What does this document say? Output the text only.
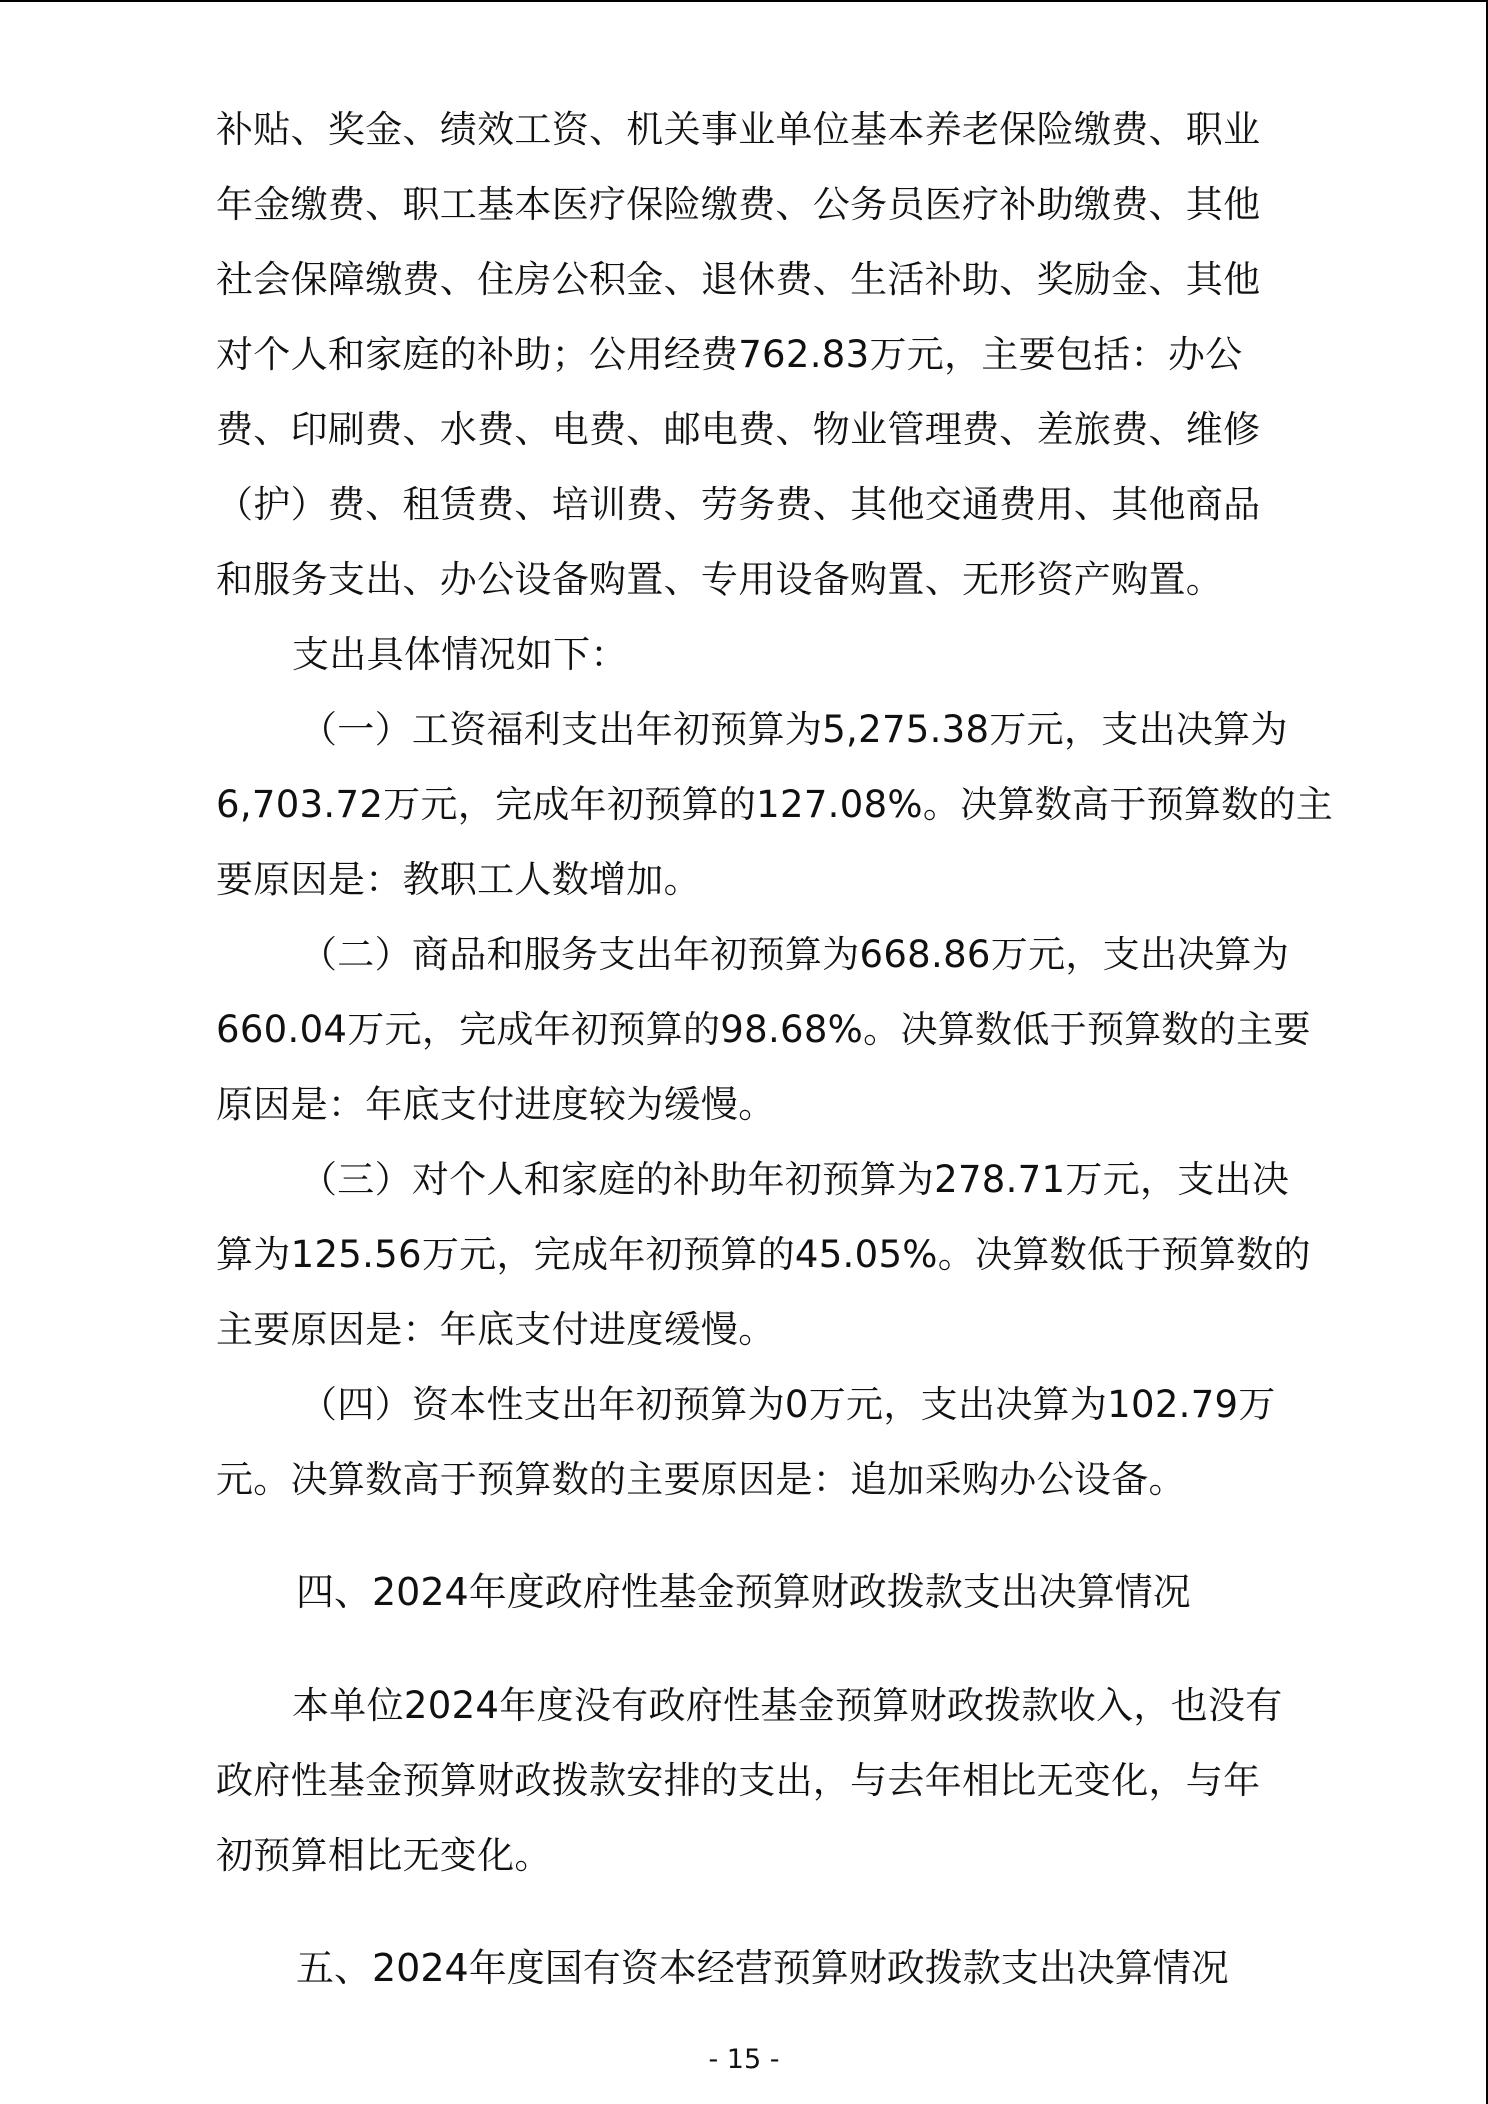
补贴、奖金、绩效工资、机关事业单位基本养老保险缴费、职业
年金缴费、职工基本医疗保险缴费、公务员医疗补助缴费、其他
社会保障缴费、住房公积金、退休费、生活补助、奖励金、其他
对个人和家庭的补助；公用经费762.83万元，主要包括：办公
费、印刷费、水费、电费、邮电费、物业管理费、差旅费、维修
（护）费、租赁费、培训费、劳务费、其他交通费用、其他商品
和服务支出、办公设备购置、专用设备购置、无形资产购置。
支出具体情况如下：
（一）工资福利支出年初预算为5,275.38万元，支出决算为
6,703.72万元，完成年初预算的127.08%。决算数高于预算数的主
要原因是：教职工人数增加。
（二）商品和服务支出年初预算为668.86万元，支出决算为
660.04万元，完成年初预算的98.68%。决算数低于预算数的主要
原因是：年底支付进度较为缓慢。
（三）对个人和家庭的补助年初预算为278.71万元，支出决
算为125.56万元，完成年初预算的45.05%。决算数低于预算数的
主要原因是：年底支付进度缓慢。
（四）资本性支出年初预算为0万元，支出决算为102.79万
元。决算数高于预算数的主要原因是：追加采购办公设备。
四、2024年度政府性基金预算财政拨款支出决算情况
本单位2024年度没有政府性基金预算财政拨款收入，也没有
政府性基金预算财政拨款安排的支出，与去年相比无变化，与年
初预算相比无变化。
五、2024年度国有资本经营预算财政拨款支出决算情况
- 15 -
